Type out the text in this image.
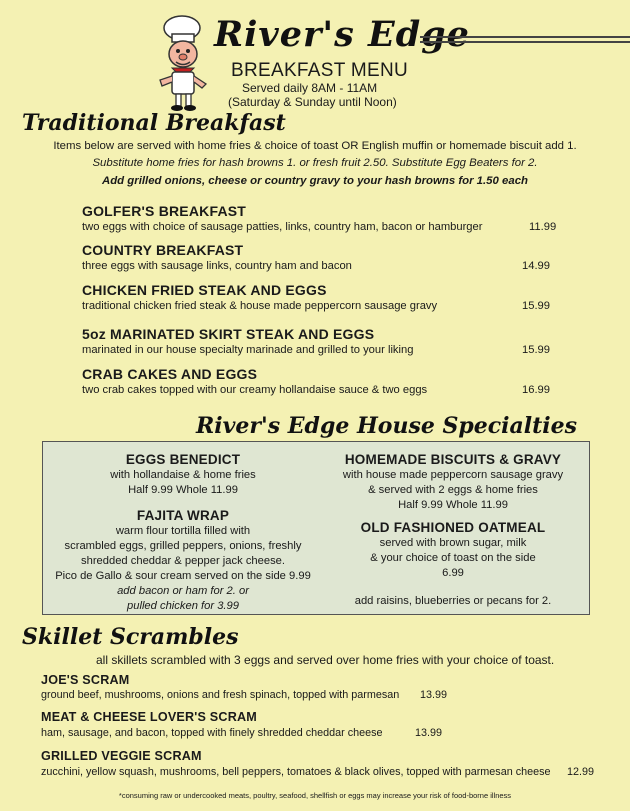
River's Edge
BREAKFAST MENU
Served daily 8AM - 11AM
(Saturday & Sunday until Noon)
Traditional Breakfast
Items below are served with home fries & choice of toast OR English muffin or homemade biscuit add 1.
Substitute home fries for hash browns 1. or fresh fruit 2.50. Substitute Egg Beaters for 2.
Add grilled onions, cheese or country gravy to your hash browns for 1.50 each
GOLFER'S BREAKFAST
two eggs with choice of sausage patties, links, country ham, bacon or hamburger	11.99
COUNTRY BREAKFAST
three eggs with sausage links, country ham and bacon	14.99
CHICKEN FRIED STEAK AND EGGS
traditional chicken fried steak & house made peppercorn sausage gravy	15.99
5oz MARINATED SKIRT STEAK AND EGGS
marinated in our house specialty marinade and grilled to your liking	15.99
CRAB CAKES AND EGGS
two crab cakes topped with our creamy hollandaise sauce & two eggs	16.99
River's Edge House Specialties
EGGS BENEDICT
with hollandaise & home fries
Half 9.99 Whole 11.99
FAJITA WRAP
warm flour tortilla filled with
scrambled eggs, grilled peppers, onions, freshly
shredded cheddar & pepper jack cheese.
Pico de Gallo & sour cream served on the side 9.99
add bacon or ham for 2. or
pulled chicken for 3.99
HOMEMADE BISCUITS & GRAVY
with house made peppercorn sausage gravy
& served with 2 eggs & home fries
Half 9.99 Whole 11.99
OLD FASHIONED OATMEAL
served with brown sugar, milk
& your choice of toast on the side
6.99
add raisins, blueberries or pecans for 2.
Skillet Scrambles
all skillets scrambled with 3 eggs and served over home fries with your choice of toast.
JOE'S SCRAM
ground beef, mushrooms, onions and fresh spinach, topped with parmesan 13.99
MEAT & CHEESE LOVER'S SCRAM
ham, sausage, and bacon, topped with finely shredded cheddar cheese	13.99
GRILLED VEGGIE SCRAM
zucchini, yellow squash, mushrooms, bell peppers, tomatoes & black olives, topped with parmesan cheese 12.99
*consuming raw or undercooked meats, poultry, seafood, shellfish or eggs may increase your risk of food-borne illness
